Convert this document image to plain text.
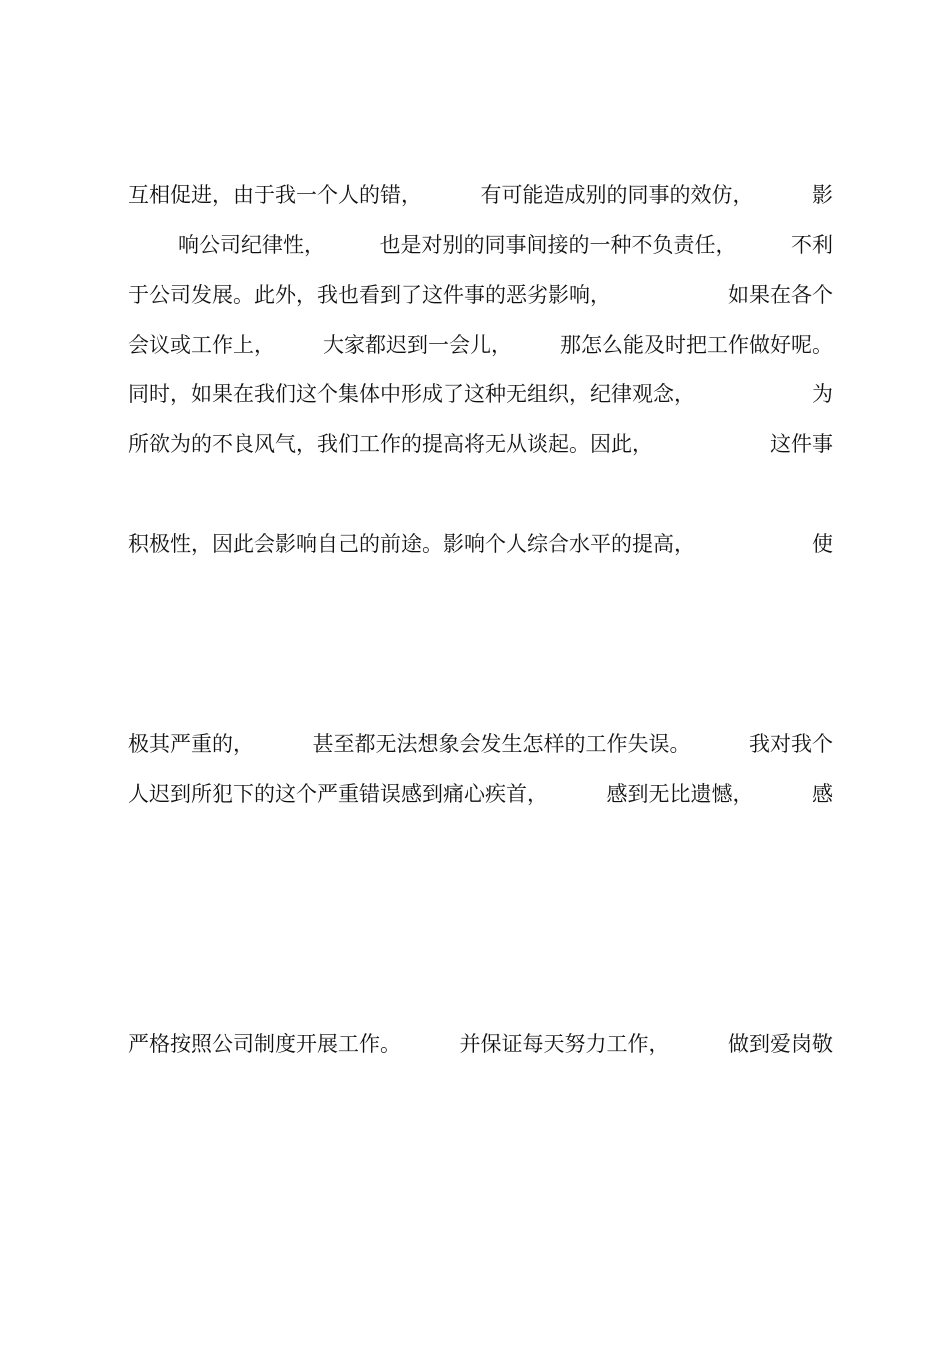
互相促进，由于我一个人的错，	有可能造成别的同事的效仿，	影
响公司纪律性，	也是对别的同事间接的一种不负责任，	不利
于公司发展。此外，我也看到了这件事的恶劣影响，	如果在各个
会议或工作上， 大家都迟到一会儿， 那怎么能及时把工作做好呢。
同时，如果在我们这个集体中形成了这种无组织，纪律观念，	为
所欲为的不良风气，我们工作的提高将无从谈起。因此，	这件事

积极性，因此会影响自己的前途。影响个人综合水平的提高，	使

极其严重的，	甚至都无法想象会发生怎样的工作失误。	我对我个
人迟到所犯下的这个严重错误感到痛心疾首，	感到无比遗憾，	感

严格按照公司制度开展工作。	并保证每天努力工作，	做到爱岗敬
